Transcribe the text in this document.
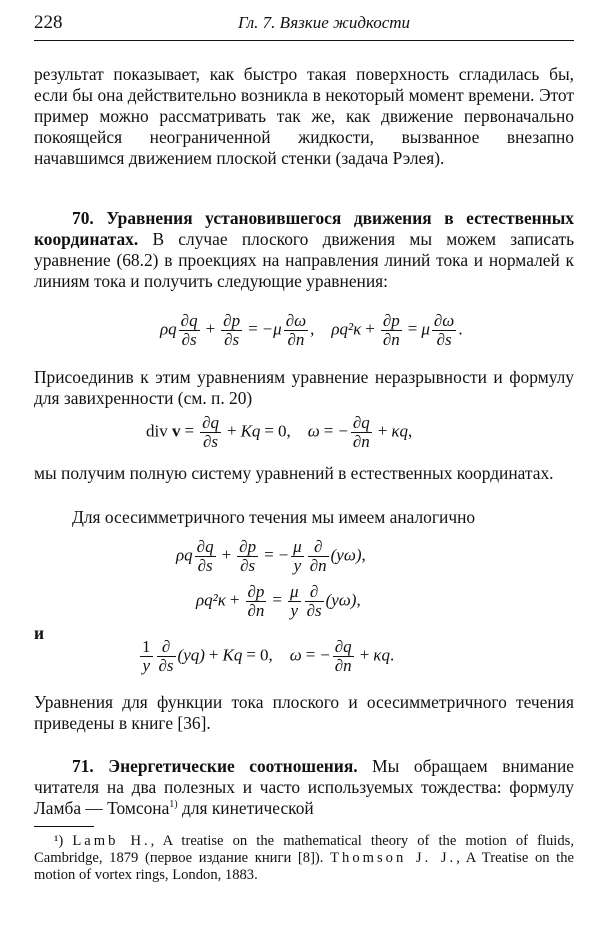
228	Гл. 7. Вязкие жидкости

результат показывает, как быстро такая поверхность сгладилась бы, если бы она действительно возникла в некоторый момент времени. Этот пример можно рассматривать так же, как движение первоначально покоящейся неограниченной жидкости, вызванное внезапно начавшимся движением плоской стенки (задача Рэлея).

70. Уравнения установившегося движения в естественных координатах. В случае плоского движения мы можем записать уравнение (68.2) в проекциях на направления линий тока и нормалей к линиям тока и получить следующие уравнения:

ρq $\frac{\partial q}{\partial s} + \frac{\partial p}{\partial s} = -\mu \frac{\partial\omega}{\partial n}$ ,    $\rho q^2\kappa + \frac{\partial p}{\partial n} = \mu \frac{\partial\omega}{\partial s}$ .

Присоединив к этим уравнениям уравнение неразрывности и формулу для завихренности (см. п. 20)

div $v = \frac{\partial q}{\partial s} + Kq = 0$,    ω = − $\frac{\partial q}{\partial n} + \kappa q$,

мы получим полную систему уравнений в естественных координатах.

Для осесимметричного течения мы имеем аналогично

ρq $\frac{\partial q}{\partial s} + \frac{\partial p}{\partial s}$ = − $\frac{\mu}{y} \frac{\partial}{\partial n} (y\omega)$,
$\rho q^2\kappa + \frac{\partial p}{\partial n} = \frac{\mu}{y} \frac{\partial}{\partial s} (y\omega)$,
и
$\frac{1}{y} \frac{\partial}{\partial s} (yq) + Kq = 0$,    ω = − $\frac{\partial q}{\partial n} + \kappa q$.

Уравнения для функции тока плоского и осесимметричного течения приведены в книге [36].

71. Энергетические соотношения. Мы обращаем внимание читателя на два полезных и часто используемых тождества: формулу Ламба — Томсона$^{1)}$ для кинетической

¹) Lamb H., A treatise on the mathematical theory of the motion of fluids, Cambridge, 1879 (первое издание книги [8]). Thomson J. J., A Treatise on the motion of vortex rings, London, 1883.
